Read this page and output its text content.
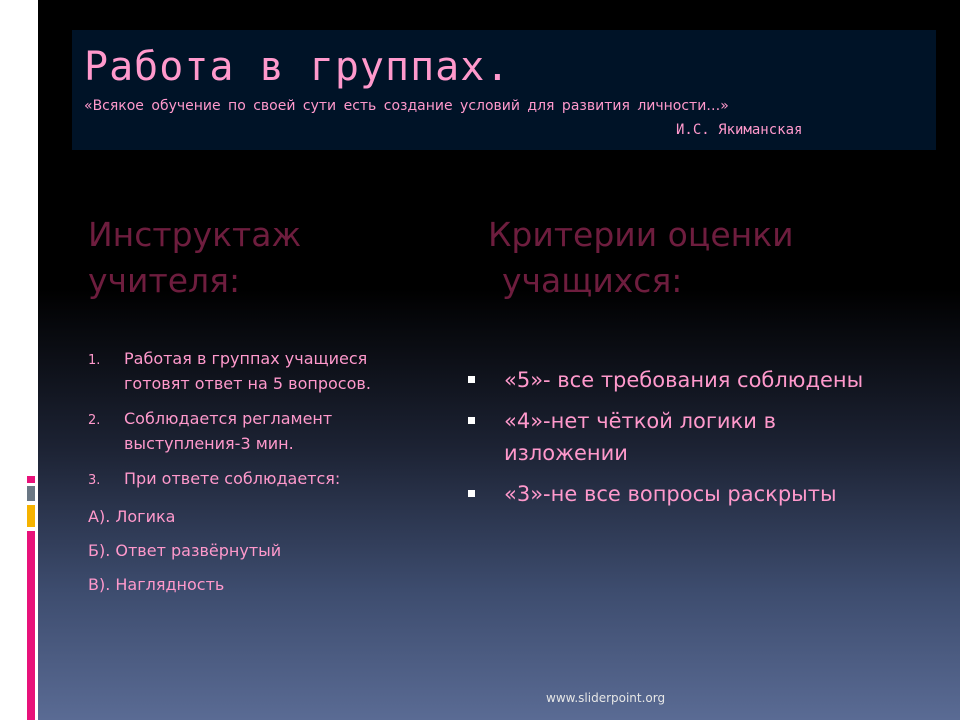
Работа в группах.
«Всякое обучение по своей сути есть создание условий для развития личности…»
И.С. Якиманская
Инструктаж
учителя:
Критерии оценки
учащихся:
1. Работая в группах учащиеся готовят ответ на 5 вопросов.
2. Соблюдается регламент выступления-3 мин.
3. При ответе соблюдается:
А). Логика
Б). Ответ развёрнутый
В). Наглядность
«5»- все требования соблюдены
«4»-нет чёткой логики в изложении
«3»-не все вопросы раскрыты
www.sliderpoint.org
